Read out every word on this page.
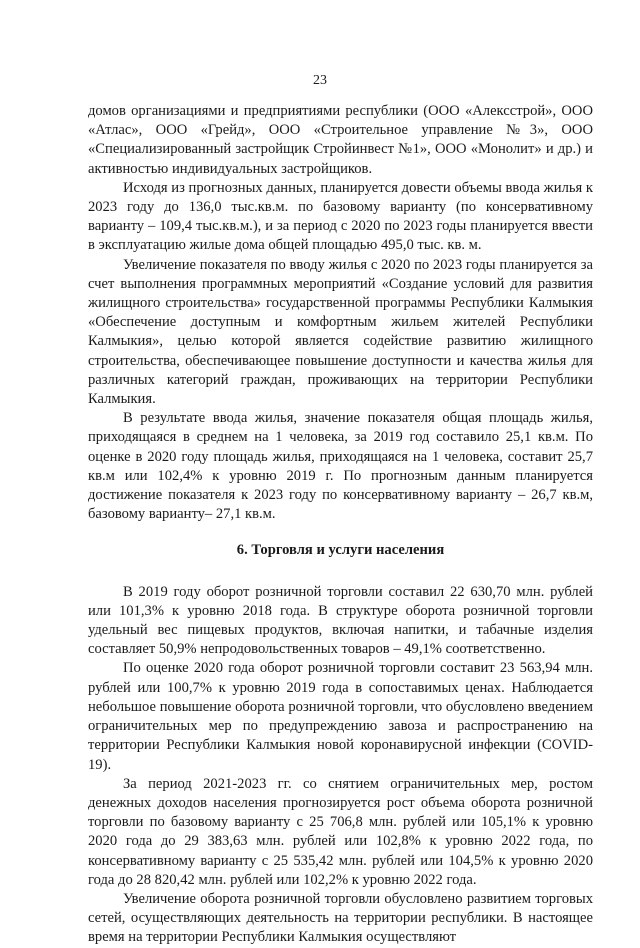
23

домов организациями и предприятиями республики (ООО «Алексстрой», ООО «Атлас», ООО «Грейд», ООО «Строительное управление №3», ООО «Специализированный застройщик Стройинвест №1», ООО «Монолит» и др.) и активностью индивидуальных застройщиков.

Исходя из прогнозных данных, планируется довести объемы ввода жилья к 2023 году до 136,0 тыс.кв.м. по базовому варианту (по консервативному варианту – 109,4 тыс.кв.м.), и за период с 2020 по 2023 годы планируется ввести в эксплуатацию жилые дома общей площадью 495,0 тыс. кв. м.

Увеличение показателя по вводу жилья с 2020 по 2023 годы планируется за счет выполнения программных мероприятий «Создание условий для развития жилищного строительства» государственной программы Республики Калмыкия «Обеспечение доступным и комфортным жильем жителей Республики Калмыкия», целью которой является содействие развитию жилищного строительства, обеспечивающее повышение доступности и качества жилья для различных категорий граждан, проживающих на территории Республики Калмыкия.

В результате ввода жилья, значение показателя общая площадь жилья, приходящаяся в среднем на 1 человека, за 2019 год составило 25,1 кв.м. По оценке в 2020 году площадь жилья, приходящаяся на 1 человека, составит 25,7 кв.м или 102,4% к уровню 2019 г. По прогнозным данным планируется достижение показателя к 2023 году по консервативному варианту – 26,7 кв.м, базовому варианту– 27,1 кв.м.

6. Торговля и услуги населения

В 2019 году оборот розничной торговли составил 22 630,70 млн. рублей или 101,3% к уровню 2018 года. В структуре оборота розничной торговли удельный вес пищевых продуктов, включая напитки, и табачные изделия составляет 50,9% непродовольственных товаров – 49,1% соответственно.

По оценке 2020 года оборот розничной торговли составит 23 563,94 млн. рублей или 100,7% к уровню 2019 года в сопоставимых ценах. Наблюдается небольшое повышение оборота розничной торговли, что обусловлено введением ограничительных мер по предупреждению завоза и распространению на территории Республики Калмыкия новой коронавирусной инфекции (COVID-19).

За период 2021-2023 гг. со снятием ограничительных мер, ростом денежных доходов населения прогнозируется рост объема оборота розничной торговли по базовому варианту с 25 706,8 млн. рублей или 105,1% к уровню 2020 года до 29 383,63 млн. рублей или 102,8% к уровню 2022 года, по консервативному варианту с 25 535,42 млн. рублей или 104,5% к уровню 2020 года до 28 820,42 млн. рублей или 102,2% к уровню 2022 года.

Увеличение оборота розничной торговли обусловлено развитием торговых сетей, осуществляющих деятельность на территории республики. В настоящее время на территории Республики Калмыкия осуществляют
